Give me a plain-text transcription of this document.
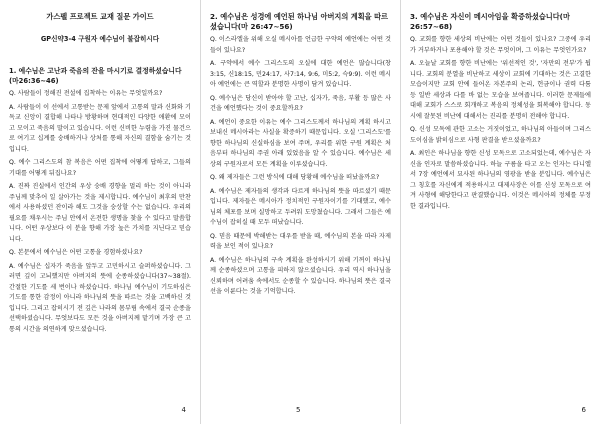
가스펠 프로젝트 교재 질문 가이드
GP신약3-4 구원자 예수님이 불잡히시다
1. 예수님은 고난과 죽음의 잔을 마시기로 결정하셨습니다(마26:36~46)
Q. 사람들이 정해진 전설에 집착하는 이유는 무엇일까요?
A. 사람들이 이 선에서 고통받는 문제 앞에서 고통의 말과 신화와 기독교 신앙이 결합해 나타나 방황하며 현대적인 다양한 애환에 모이고 모이고 죽음의 말이고 있습니다. 이런 신비한 누렴을 가진 물건으로 여기고 십계를 숭배하거나 상처를 통해 자신의 결함을 숨기는 것입니다.
Q. 예수 그리스도의 참 복음은 어떤 집착에 어떻게 답하고, 그들의 기대를 어떻게 뒤집나요?
A. 진짜 진실에서 인간의 우상 숭배 경향을 멀리 하는 것이 아니라 주님께 맞추어 일 살아가는 것을 제시합니다. 예수님이 최후의 만찬에서 사용하셨던 잔이라 해도 그것을 숭상할 수는 없습니다. 우리의 필요를 채우시는 주님 안에서 온전한 생명을 찾을 수 있다고 말씀합니다. 어떤 우상보다 이 분을 향해 가장 높은 가치를 지닌다고 믿습니다.
Q. 본문에서 예수님은 어떤 고통을 경험하셨나요?
A. 예수님은 십자가 죽음을 앞두고 고민하시고 슬퍼하셨습니다. 그러면 깊이 고뇌했지만 아버지의 뜻에 순종하셨습니다(37~38절). 간절한 기도를 세 번이나 하셨습니다. 하나님 예수님이 기도하심은 기도를 통한 감정이 아니라 하나님의 뜻을 따르는 것을 고백하신 것입니다. 그리고 잡히시기 전 깊은 나라의 몸부림 속에서 결국 순종을 선택하셨습니다. 무엇보다도 모든 것을 아버지께 맡기며 가장 큰 고통의 시간을 의연하게 맞으셨습니다.
4
2. 예수님은 성경에 예언된 하나님 아버지의 계획을 따르셨습니다(마 26:47~56)
Q. 이스라엘을 위해 오실 메시아를 언급한 구약의 예언에는 어떤 것들이 있나요?
A. 구약에서 예수 그리스도의 오실에 대한 예언은 많습니다(창3:15, 신18:15, 민24:17, 사7:14, 9:6, 미5:2, 슥9:9). 이런 메시아 예언에는 큰 역할과 분명한 사명이 담겨 있습니다.
Q. 예수님은 당신이 받아야 할 고난, 십자가, 죽음, 부활 등 많은 사건을 예언했다는 것이 중요할까요?
A. 예언이 중요한 이유는 예수 그리스도께서 하나님의 계획 하시고 보내신 메시아라는 사실을 확증하기 때문입니다. 오실 '그리스도'를 향한 하나님의 신실하심을 보여 주며, 우리를 위한 구원 계획은 처음부터 하나님의 주권 아래 있었음을 알 수 있습니다. 예수님은 세상의 구원자로서 모든 계획을 이루셨습니다.
Q. 왜 제자들은 그런 방식에 대해 당황해 예수님을 떠났을까요?
A. 예수님은 제자들의 생각과 다르게 하나님의 뜻을 따르셨기 때문입니다. 제자들은 메시아가 정치적인 구원자이기를 기대했고, 예수님의 체포를 보며 실망하고 두려워 도망쳤습니다. 그래서 그들은 예수님이 잡히실 때 모두 떠났습니다.
Q. 믿음 때문에 박해받는 대우를 받을 때, 예수님의 본을 따라 자제력을 보인 적이 있나요?
A. 예수님은 하나님의 구속 계획을 완성하시기 위해 기꺼이 하나님께 순종하셨으며 고통을 피하지 않으셨습니다. 우리 역시 하나님을 신뢰하며 어려움 속에서도 순종할 수 있습니다. 하나님의 뜻은 결국 선을 이룬다는 것을 기억합니다.
5
3. 예수님은 자신이 메시아임을 확증하셨습니다(마 26:57~68)
Q. 교회를 향한 세상의 비난에는 어떤 것들이 있나요? 그중에 우리가 거부하거나 포용해야 할 것은 무엇이며, 그 이유는 무엇인가요?
A. 오늘날 교회를 향한 비난에는 '위선적인 것', '자만의 전부'가 됩니다. 교회의 분열을 비난하고 세상이 교회에 기대하는 것은 고결한 모습이지만 교회 안에 들어온 자본주의 논리, 헌금이나 권력 다툼 등 일반 세상과 다를 바 없는 모습을 보여줍니다. 이러한 문제들에 대해 교회가 스스로 회개하고 복음의 정체성을 회복해야 합니다. 동시에 잘못된 비난에 대해서는 진리를 분명히 전해야 합니다.
Q. 신성 모독에 관한 고소는 거짓이었고, 하나님의 아들이며 그리스도이심을 밝히심으로 사형 판결을 받으셨을까요?
A. 최인은 하나님을 향한 신성 모독으로 고소되었는데, 예수님은 자신을 인자로 말씀하셨습니다. 하늘 구름을 타고 오는 인자는 다니엘서 7장 예언에서 묘사된 하나님의 영광을 받을 분입니다. 예수님은 그 칭호를 자신에게 적용하시고 대제사장은 이를 신성 모독으로 여겨 사형에 해당한다고 판결했습니다. 이것은 메시아의 정체를 부정한 결과입니다.
6
